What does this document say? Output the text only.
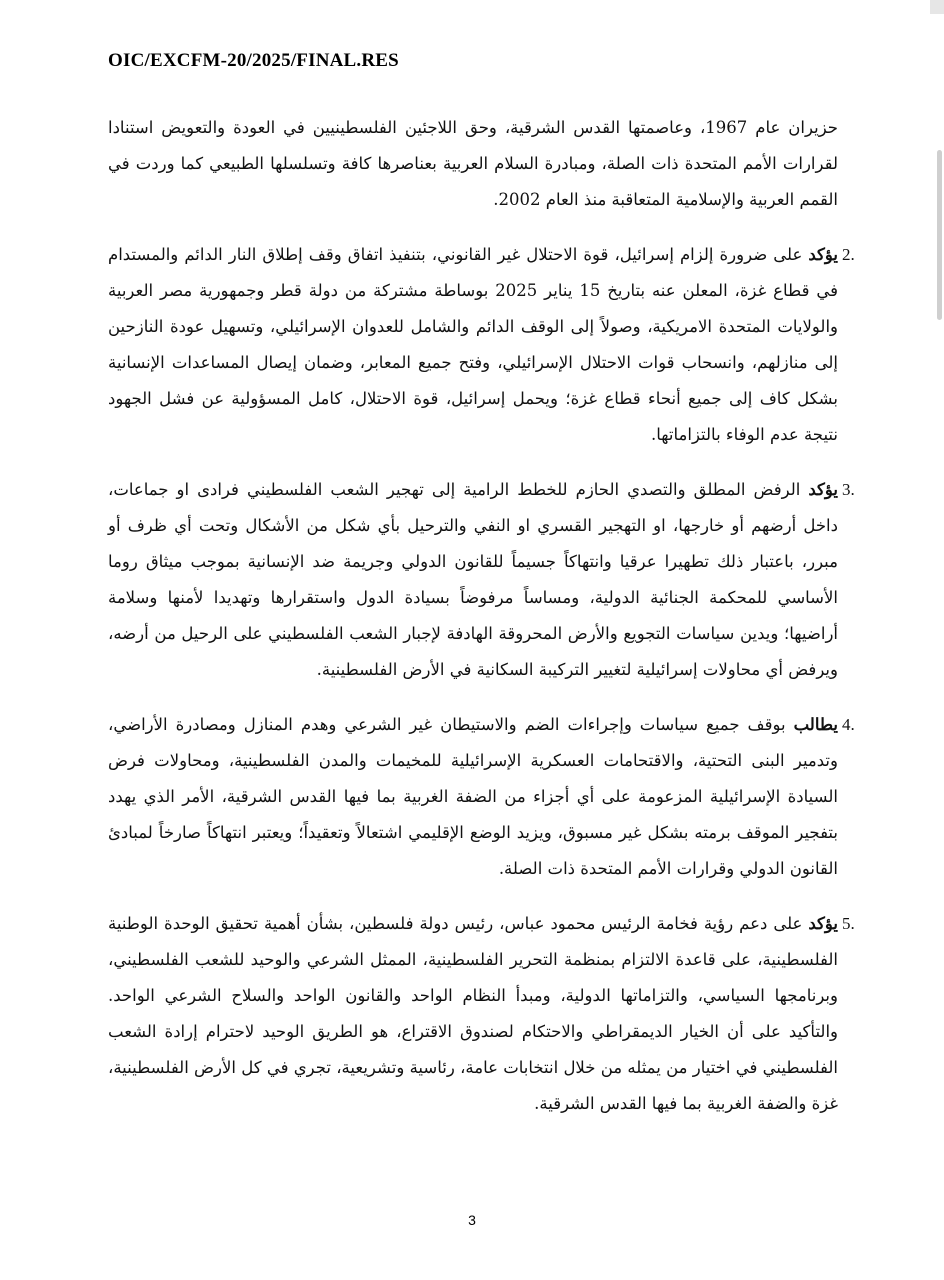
OIC/EXCFM-20/2025/FINAL.RES

حزيران عام 1967، وعاصمتها القدس الشرقية، وحق اللاجئين الفلسطينيين في العودة والتعويض استنادا لقرارات الأمم المتحدة ذات الصلة، ومبادرة السلام العربية بعناصرها كافة وتسلسلها الطبيعي كما وردت في القمم العربية والإسلامية المتعاقبة منذ العام 2002.

2.
يؤكد على ضرورة إلزام إسرائيل، قوة الاحتلال غير القانوني، بتنفيذ اتفاق وقف إطلاق النار الدائم والمستدام في قطاع غزة، المعلن عنه بتاريخ 15 يناير 2025 بوساطة مشتركة من دولة قطر وجمهورية مصر العربية والولايات المتحدة الامريكية، وصولاً إلى الوقف الدائم والشامل للعدوان الإسرائيلي، وتسهيل عودة النازحين إلى منازلهم، وانسحاب قوات الاحتلال الإسرائيلي، وفتح جميع المعابر، وضمان إيصال المساعدات الإنسانية بشكل كاف إلى جميع أنحاء قطاع غزة؛ ويحمل إسرائيل، قوة الاحتلال، كامل المسؤولية عن فشل الجهود نتيجة عدم الوفاء بالتزاماتها.
3.
يؤكد الرفض المطلق والتصدي الحازم للخطط الرامية إلى تهجير الشعب الفلسطيني فرادى او جماعات، داخل أرضهم أو خارجها، او التهجير القسري او النفي والترحيل بأي شكل من الأشكال وتحت أي ظرف أو مبرر، باعتبار ذلك تطهيرا عرقيا وانتهاكاً جسيماً للقانون الدولي وجريمة ضد الإنسانية بموجب ميثاق روما الأساسي للمحكمة الجنائية الدولية، ومساساً مرفوضاً بسيادة الدول واستقرارها وتهديدا لأمنها وسلامة أراضيها؛ ويدين سياسات التجويع والأرض المحروقة الهادفة لإجبار الشعب الفلسطيني على الرحيل من أرضه، ويرفض أي محاولات إسرائيلية لتغيير التركيبة السكانية في الأرض الفلسطينية.
4.
يطالب بوقف جميع سياسات وإجراءات الضم والاستيطان غير الشرعي وهدم المنازل ومصادرة الأراضي، وتدمير البنى التحتية، والاقتحامات العسكرية الإسرائيلية للمخيمات والمدن الفلسطينية، ومحاولات فرض السيادة الإسرائيلية المزعومة على أي أجزاء من الضفة الغربية بما فيها القدس الشرقية، الأمر الذي يهدد بتفجير الموقف برمته بشكل غير مسبوق، ويزيد الوضع الإقليمي اشتعالاً وتعقيداً؛ ويعتبر انتهاكاً صارخاً لمبادئ القانون الدولي وقرارات الأمم المتحدة ذات الصلة.
5.
يؤكد على دعم رؤية فخامة الرئيس محمود عباس، رئيس دولة فلسطين، بشأن أهمية تحقيق الوحدة الوطنية الفلسطينية، على قاعدة الالتزام بمنظمة التحرير الفلسطينية، الممثل الشرعي والوحيد للشعب الفلسطيني، وبرنامجها السياسي، والتزاماتها الدولية، ومبدأ النظام الواحد والقانون الواحد والسلاح الشرعي الواحد. والتأكيد على أن الخيار الديمقراطي والاحتكام لصندوق الاقتراع، هو الطريق الوحيد لاحترام إرادة الشعب الفلسطيني في اختيار من يمثله من خلال انتخابات عامة، رئاسية وتشريعية، تجري في كل الأرض الفلسطينية، غزة والضفة الغربية بما فيها القدس الشرقية.
3
